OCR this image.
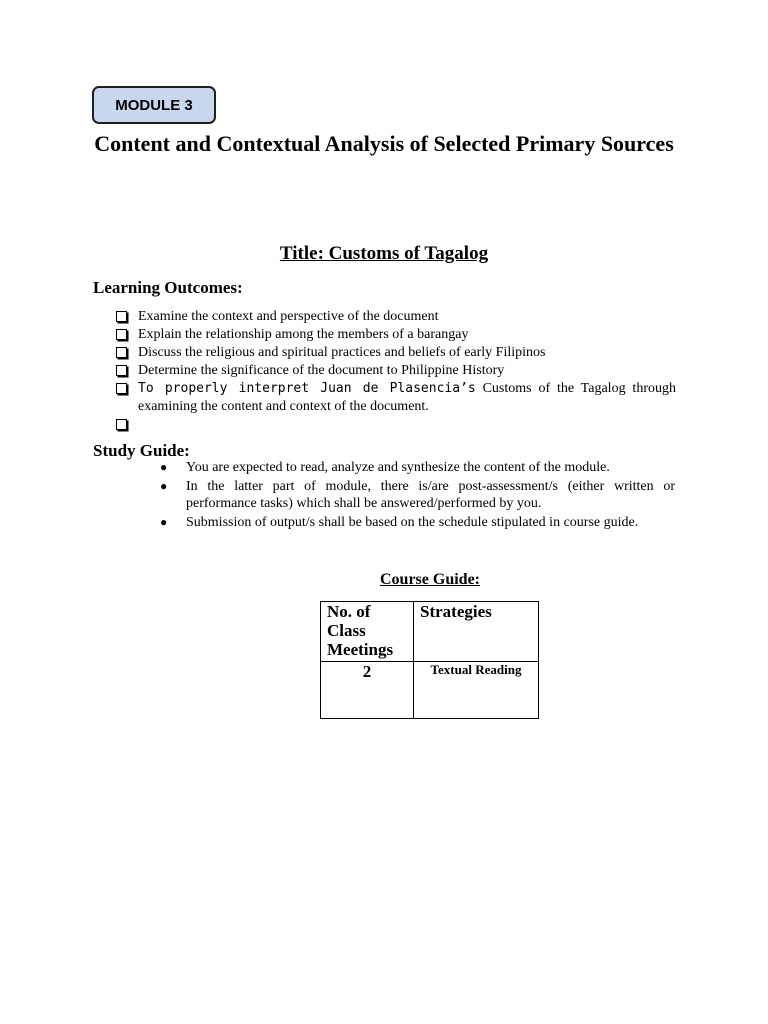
MODULE 3
Content and Contextual Analysis of Selected Primary Sources
Title: Customs of Tagalog
Learning Outcomes:
Examine the context and perspective of the document
Explain the relationship among the members of a barangay
Discuss the religious and spiritual practices and beliefs of early Filipinos
Determine the significance of the document to Philippine History
To properly interpret Juan de Plasencia’s Customs of the Tagalog through examining the content and context of the document.
Study Guide:
●	You are expected to read, analyze and synthesize the content of the module.
●	In the latter part of module, there is/are post-assessment/s (either written or performance tasks) which shall be answered/performed by you.
●	Submission of output/s shall be based on the schedule stipulated in course guide.
Course Guide:
No. of Class Meetings	Strategies
2	Textual Reading
